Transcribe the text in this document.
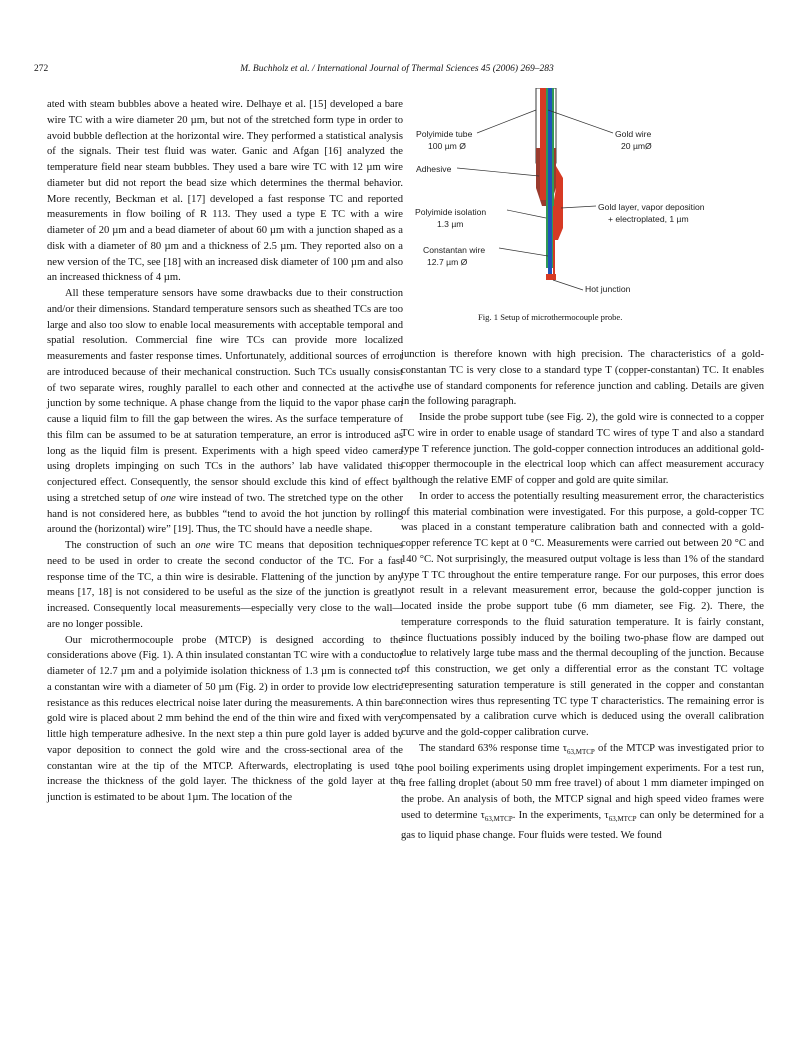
272	M. Buchholz et al. / International Journal of Thermal Sciences 45 (2006) 269–283
Polyimide tube
100 µm Ø
Adhesive
Polyimide isolation
1.3 µm
Constantan wire
12.7 µm Ø
Gold wire
20 µmØ
Gold layer, vapor deposition
+ electroplated, 1 µm
Hot junction
Fig. 1 Setup of microthermocouple probe.

ated with steam bubbles above a heated wire. Delhaye et al. [15] developed a bare wire TC with a wire diameter 20 µm, but not of the stretched form type in order to avoid bubble deflection at the horizontal wire. They performed a statistical analysis of the signals. Their test fluid was water. Ganic and Afgan [16] analyzed the temperature field near steam bubbles. They used a bare wire TC with 12 µm wire diameter but did not report the bead size which determines the thermal behavior. More recently, Beckman et al. [17] developed a fast response TC and reported measurements in flow boiling of R 113. They used a type E TC with a wire diameter of 20 µm and a bead diameter of about 60 µm with a junction shaped as a disk with a diameter of 80 µm and a thickness of 2.5 µm. They reported also on a new version of the TC, see [18] with an increased disk diameter of 100 µm and also an increased thickness of 4 µm.

All these temperature sensors have some drawbacks due to their construction and/or their dimensions. Standard temperature sensors such as sheathed TCs are too large and also too slow to enable local measurements with acceptable temporal and spatial resolution. Commercial fine wire TCs can provide more localized measurements and faster response times. Unfortunately, additional sources of error are introduced because of their mechanical construction. Such TCs usually consist of two separate wires, roughly parallel to each other and connected at the active junction by some technique. A phase change from the liquid to the vapor phase can cause a liquid film to fill the gap between the wires. As the surface temperature of this film can be assumed to be at saturation temperature, an error is introduced as long as the liquid film is present. Experiments with a high speed video camera using droplets impinging on such TCs in the authors’ lab have validated this conjectured effect. Consequently, the sensor should exclude this kind of effect by using a stretched setup of one wire instead of two. The stretched type on the other hand is not considered here, as bubbles “tend to avoid the hot junction by rolling around the (horizontal) wire” [19]. Thus, the TC should have a needle shape.

The construction of such an one wire TC means that deposition techniques need to be used in order to create the second conductor of the TC. For a fast response time of the TC, a thin wire is desirable. Flattening of the junction by any means [17, 18] is not considered to be useful as the size of the junction is greatly increased. Consequently local measurements—especially very close to the wall— are no longer possible.

Our microthermocouple probe (MTCP) is designed according to the considerations above (Fig. 1). A thin insulated constantan TC wire with a conductor diameter of 12.7 µm and a polyimide isolation thickness of 1.3 µm is connected to a constantan wire with a diameter of 50 µm (Fig. 2) in order to provide low electric resistance as this reduces electrical noise later during the measurements. A thin bare gold wire is placed about 2 mm behind the end of the thin wire and fixed with very little high temperature adhesive. In the next step a thin pure gold layer is added by vapor deposition to connect the gold wire and the cross-sectional area of the constantan wire at the tip of the MTCP. Afterwards, electroplating is used to increase the thickness of the gold layer. The thickness of the gold layer at the junction is estimated to be about 1µm. The location of the

junction is therefore known with high precision. The characteristics of a gold-constantan TC is very close to a standard type T (copper-constantan) TC. It enables the use of standard components for reference junction and cabling. Details are given in the following paragraph.

Inside the probe support tube (see Fig. 2), the gold wire is connected to a copper TC wire in order to enable usage of standard TC wires of type T and also a standard type T reference junction. The gold-copper connection introduces an additional gold-copper thermocouple in the electrical loop which can affect measurement accuracy although the relative EMF of copper and gold are quite similar.

In order to access the potentially resulting measurement error, the characteristics of this material combination were investigated. For this purpose, a gold-copper TC was placed in a constant temperature calibration bath and connected with a gold-copper reference TC kept at 0 °C. Measurements were carried out between 20 °C and 140 °C. Not surprisingly, the measured output voltage is less than 1% of the standard type T TC throughout the entire temperature range. For our purposes, this error does not result in a relevant measurement error, because the gold-copper junction is located inside the probe support tube (6 mm diameter, see Fig. 2). There, the temperature corresponds to the fluid saturation temperature. It is fairly constant, since fluctuations possibly induced by the boiling two-phase flow are damped out due to relatively large tube mass and the thermal decoupling of the junction. Because of this construction, we get only a differential error as the constant TC voltage representing saturation temperature is still generated in the copper and constantan connection wires thus representing TC type T characteristics. The remaining error is compensated by a calibration curve which is deduced using the overall calibration curve and the gold-copper calibration curve.

The standard 63% response time $\tau_{63,MTCP}$ of the MTCP was investigated prior to the pool boiling experiments using droplet impingement experiments. For a test run, a free falling droplet (about 50 mm free travel) of about 1 mm diameter impinged on the probe. An analysis of both, the MTCP signal and high speed video frames were used to determine $\tau_{63,MTCP}$. In the experiments, $\tau_{63,MTCP}$ can only be determined for a gas to liquid phase change. Four fluids were tested. We found
